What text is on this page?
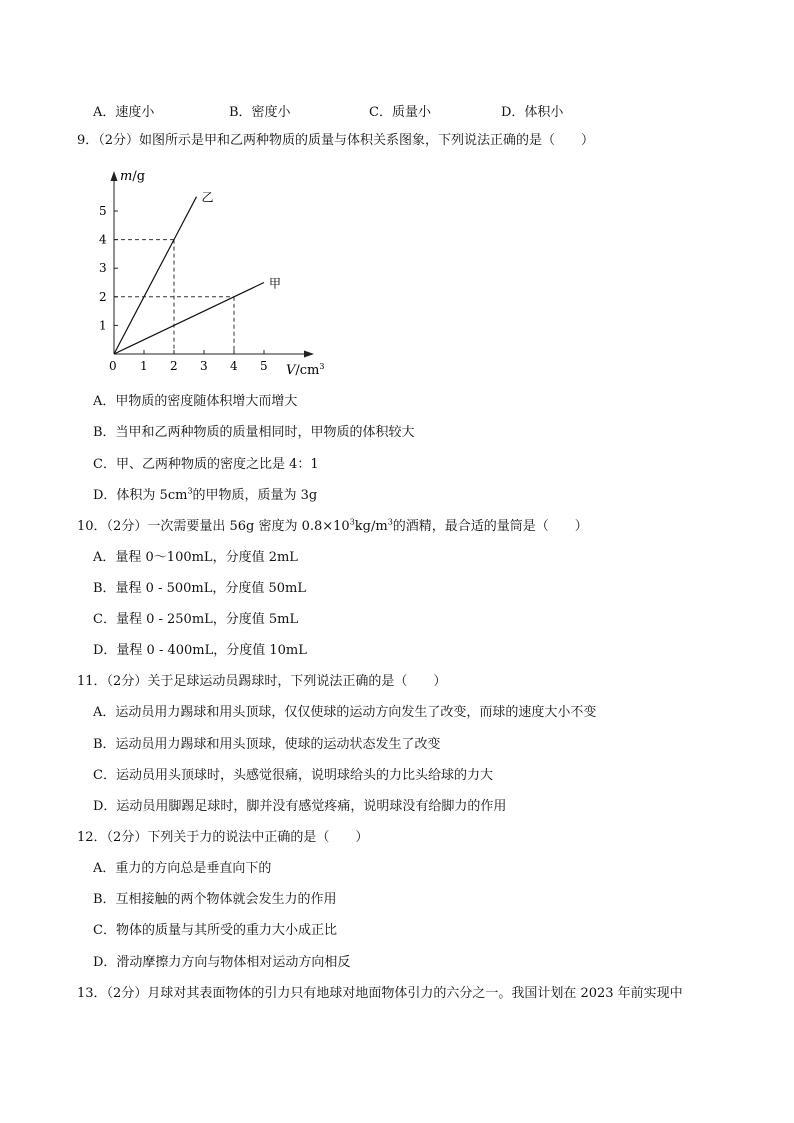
A．速度小	B．密度小	C．质量小	D．体积小
9．（2分）如图所示是甲和乙两种物质的质量与体积关系图象，下列说法正确的是（　　）
1 2 3 4 5
1
2
3
4
5
乙
甲
m/g
$V/cm^3$
0
A．甲物质的密度随体积增大而增大
B．当甲和乙两种物质的质量相同时，甲物质的体积较大
C．甲、乙两种物质的密度之比是 4：1
D．体积为 $5cm^3$的甲物质，质量为 3g
10．（2分）一次需要量出 56g 密度为 $0.8\times 10^3kg/m^3$的酒精，最合适的量筒是（　　）
A．量程 0～100mL，分度值 2mL
B．量程 0 - 500mL，分度值 50mL
C．量程 0 - 250mL，分度值 5mL
D．量程 0 - 400mL，分度值 10mL
11．（2分）关于足球运动员踢球时，下列说法正确的是（　　）
A．运动员用力踢球和用头顶球，仅仅使球的运动方向发生了改变，而球的速度大小不变
B．运动员用力踢球和用头顶球，使球的运动状态发生了改变
C．运动员用头顶球时，头感觉很痛，说明球给头的力比头给球的力大
D．运动员用脚踢足球时，脚并没有感觉疼痛，说明球没有给脚力的作用
12．（2分）下列关于力的说法中正确的是（　　）
A．重力的方向总是垂直向下的
B．互相接触的两个物体就会发生力的作用
C．物体的质量与其所受的重力大小成正比
D．滑动摩擦力方向与物体相对运动方向相反
13．（2分）月球对其表面物体的引力只有地球对地面物体引力的六分之一。我国计划在 2023 年前实现中
